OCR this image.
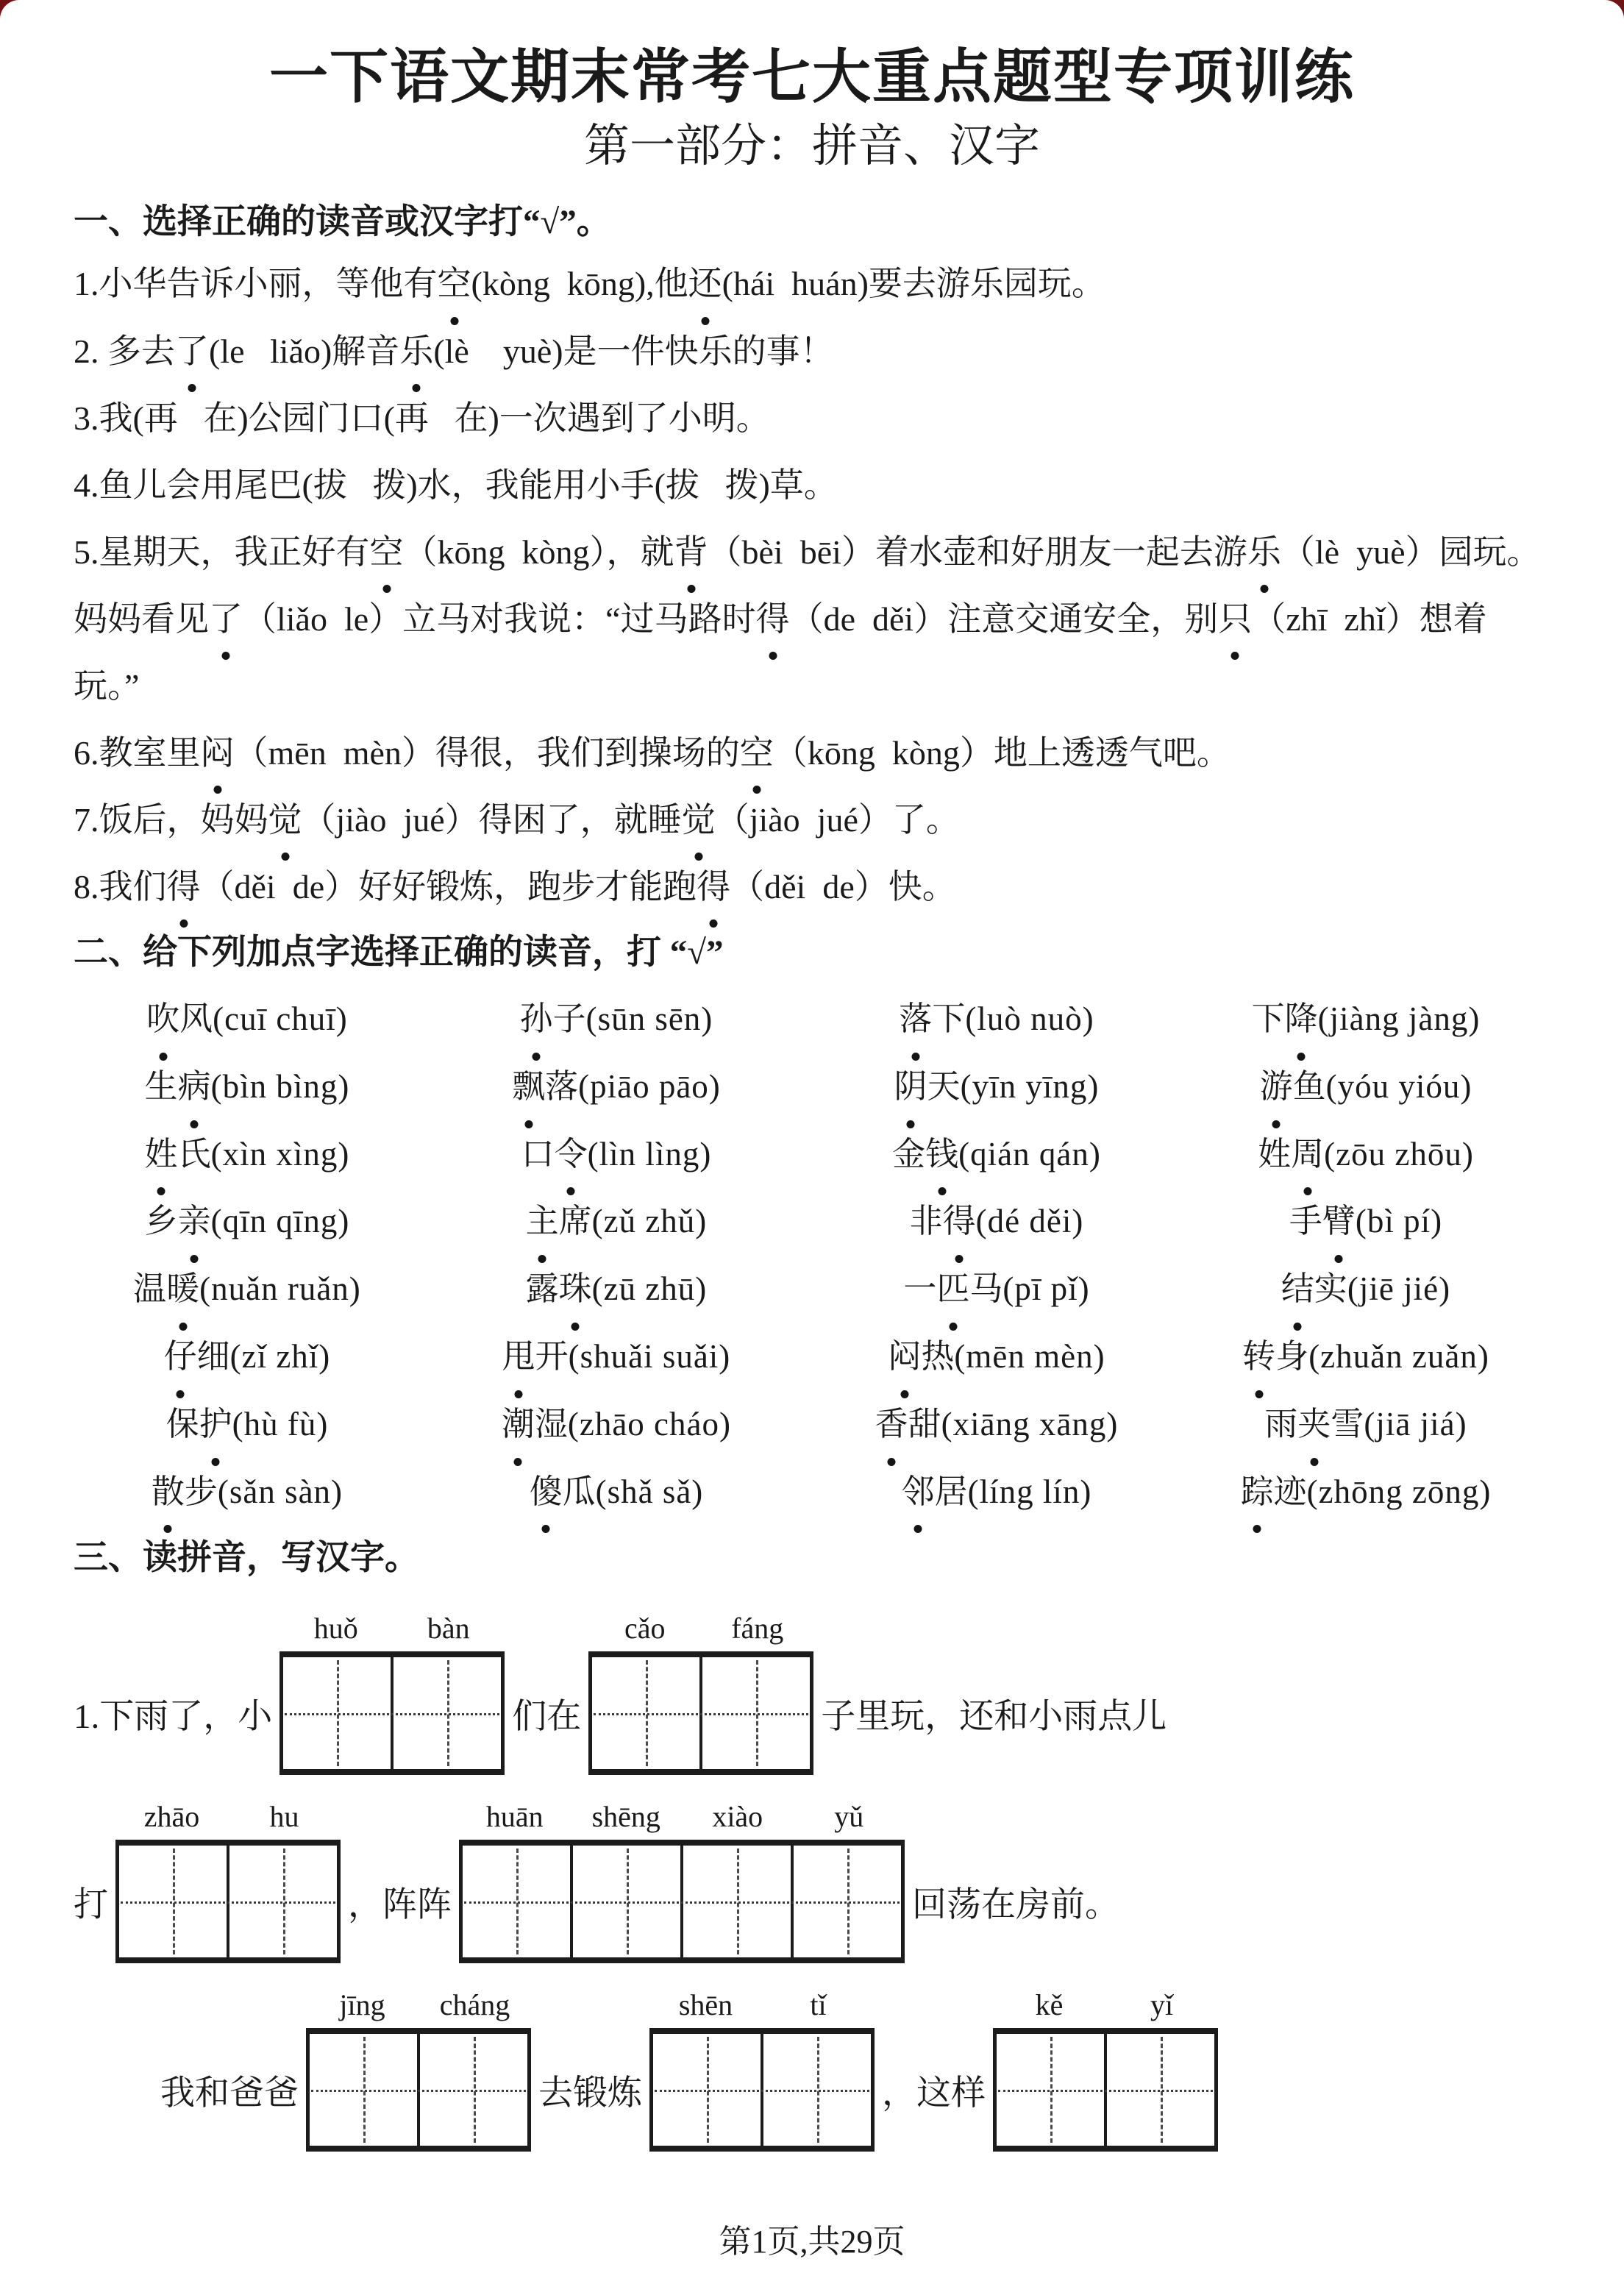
一下语文期末常考七大重点题型专项训练
第一部分：拼音、汉字
一、选择正确的读音或汉字打“√”。

1.小华告诉小丽，等他有空(kòng  kōng),他还(hái  huán)要去游乐园玩。

2. 多去了(le   liǎo)解音乐(lè    yuè)是一件快乐的事！

3.我(再   在)公园门口(再   在)一次遇到了小明。

4.鱼儿会用尾巴(拔   拨)水，我能用小手(拔   拨)草。

5.星期天，我正好有空（kōng  kòng），就背（bèi  bēi）着水壶和好朋友一起去游乐（lè  yuè）园玩。妈妈看见了（liǎo  le）立马对我说：“过马路时得（de  děi）注意交通安全，别只（zhī  zhǐ）想着玩。”

6.教室里闷（mēn  mèn）得很，我们到操场的空（kōng  kòng）地上透透气吧。

7.饭后，妈妈觉（jiào  jué）得困了，就睡觉（jiào  jué）了。

8.我们得（děi  de）好好锻炼，跑步才能跑得（děi  de）快。

二、给下列加点字选择正确的读音，打 “√”
吹风(cuī chuī)	孙子(sūn sēn)	落下(luò nuò)	下降(jiàng jàng)
生病(bìn bìng)	飘落(piāo pāo)	阴天(yīn yīng)	游鱼(yóu yióu)
姓氏(xìn xìng)	口令(lìn lìng)	金钱(qián qán)	姓周(zōu zhōu)
乡亲(qīn qīng)	主席(zǔ zhǔ)	非得(dé děi)	手臂(bì pí)
温暖(nuǎn ruǎn)	露珠(zū zhū)	一匹马(pī pǐ)	结实(jiē jié)
仔细(zǐ zhǐ)	甩开(shuǎi suǎi)	闷热(mēn mèn)	转身(zhuǎn zuǎn)
保护(hù fù)	潮湿(zhāo cháo)	香甜(xiāng xāng)	雨夹雪(jiā jiá)
散步(sǎn sàn)	傻瓜(shǎ sǎ)	邻居(líng lín)	踪迹(zhōng zōng)
三、读拼音，写汉字。
1.下雨了，小
huǒ	bàn
们在
cǎo	fáng
子里玩，还和小雨点儿
打
zhāo	hu
，阵阵
huān	shēng	xiào	yǔ
回荡在房前。
我和爸爸
jīng	cháng
去锻炼
shēn	tǐ
，这样
kě	yǐ
第1页,共29页
